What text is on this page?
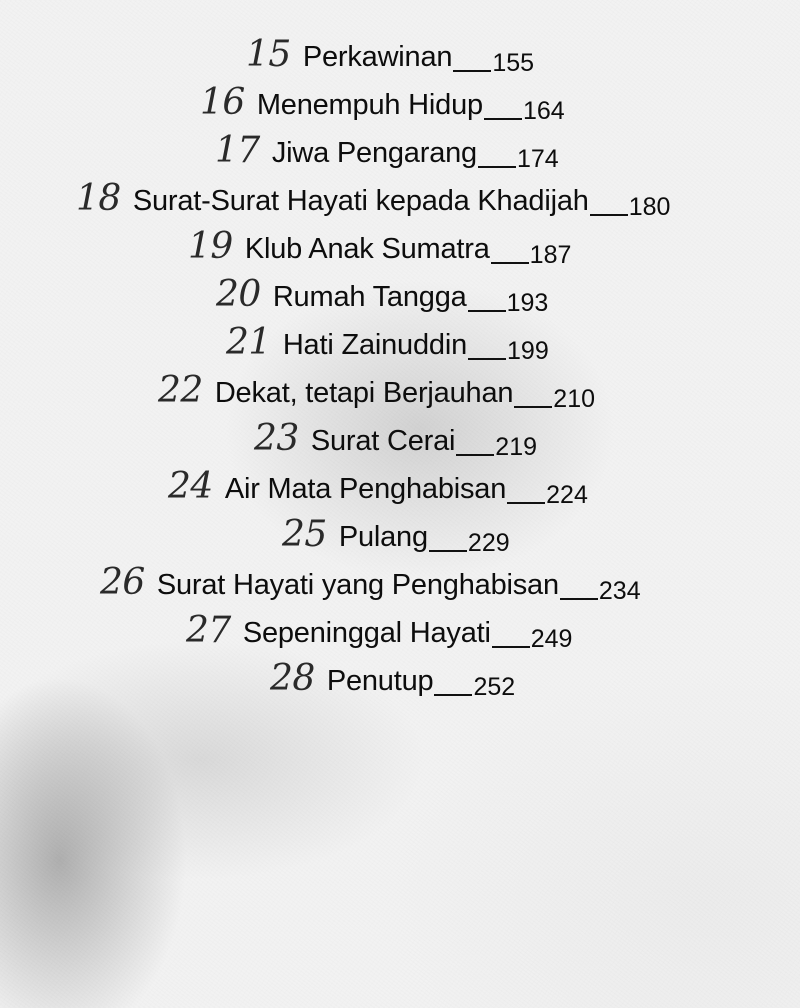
15 Perkawinan 155
16 Menempuh Hidup 164
17 Jiwa Pengarang 174
18 Surat-Surat Hayati kepada Khadijah 180
19 Klub Anak Sumatra 187
20 Rumah Tangga 193
21 Hati Zainuddin 199
22 Dekat, tetapi Berjauhan 210
23 Surat Cerai 219
24 Air Mata Penghabisan 224
25 Pulang 229
26 Surat Hayati yang Penghabisan 234
27 Sepeninggal Hayati 249
28 Penutup 252
